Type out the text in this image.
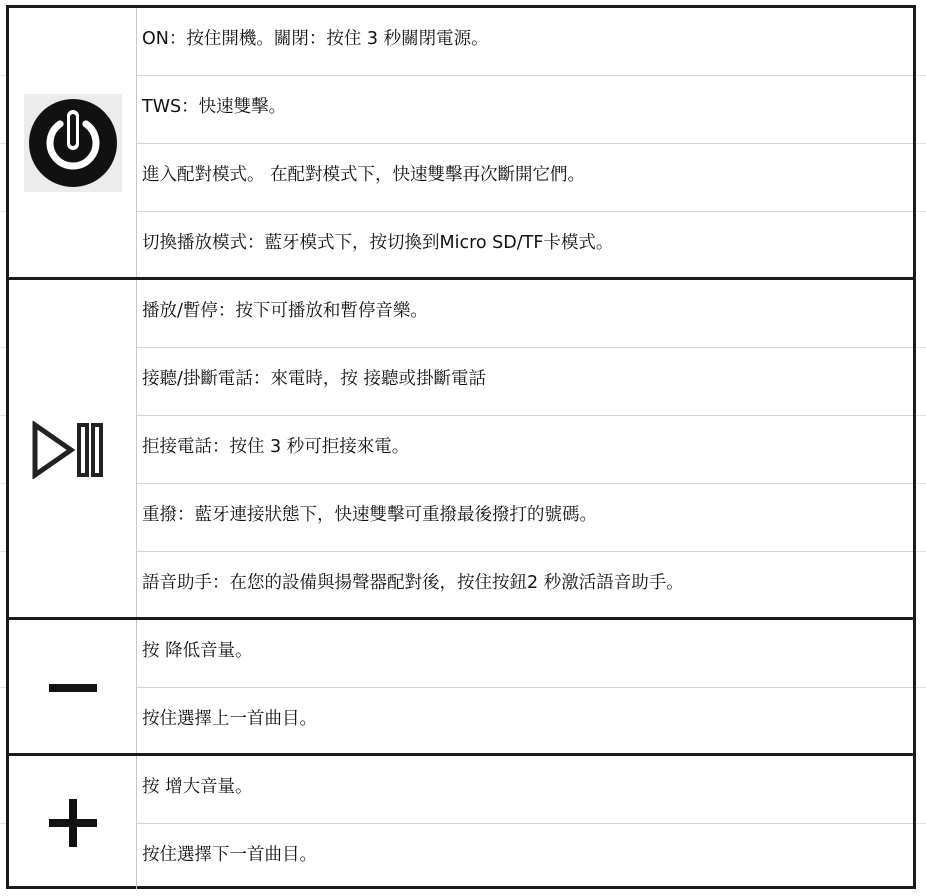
ON：按住開機。關閉：按住 3 秒關閉電源。
TWS：快速雙擊。
進入配對模式。 在配對模式下，快速雙擊再次斷開它們。
切換播放模式：藍牙模式下，按切換到Micro SD/TF卡模式。
播放/暫停：按下可播放和暫停音樂。
接聽/掛斷電話：來電時，按 接聽或掛斷電話
拒接電話：按住 3 秒可拒接來電。
重撥：藍牙連接狀態下，快速雙擊可重撥最後撥打的號碼。
語音助手：在您的設備與揚聲器配對後，按住按鈕2 秒激活語音助手。
按 降低音量。
按住選擇上一首曲目。
按 增大音量。
按住選擇下一首曲目。
